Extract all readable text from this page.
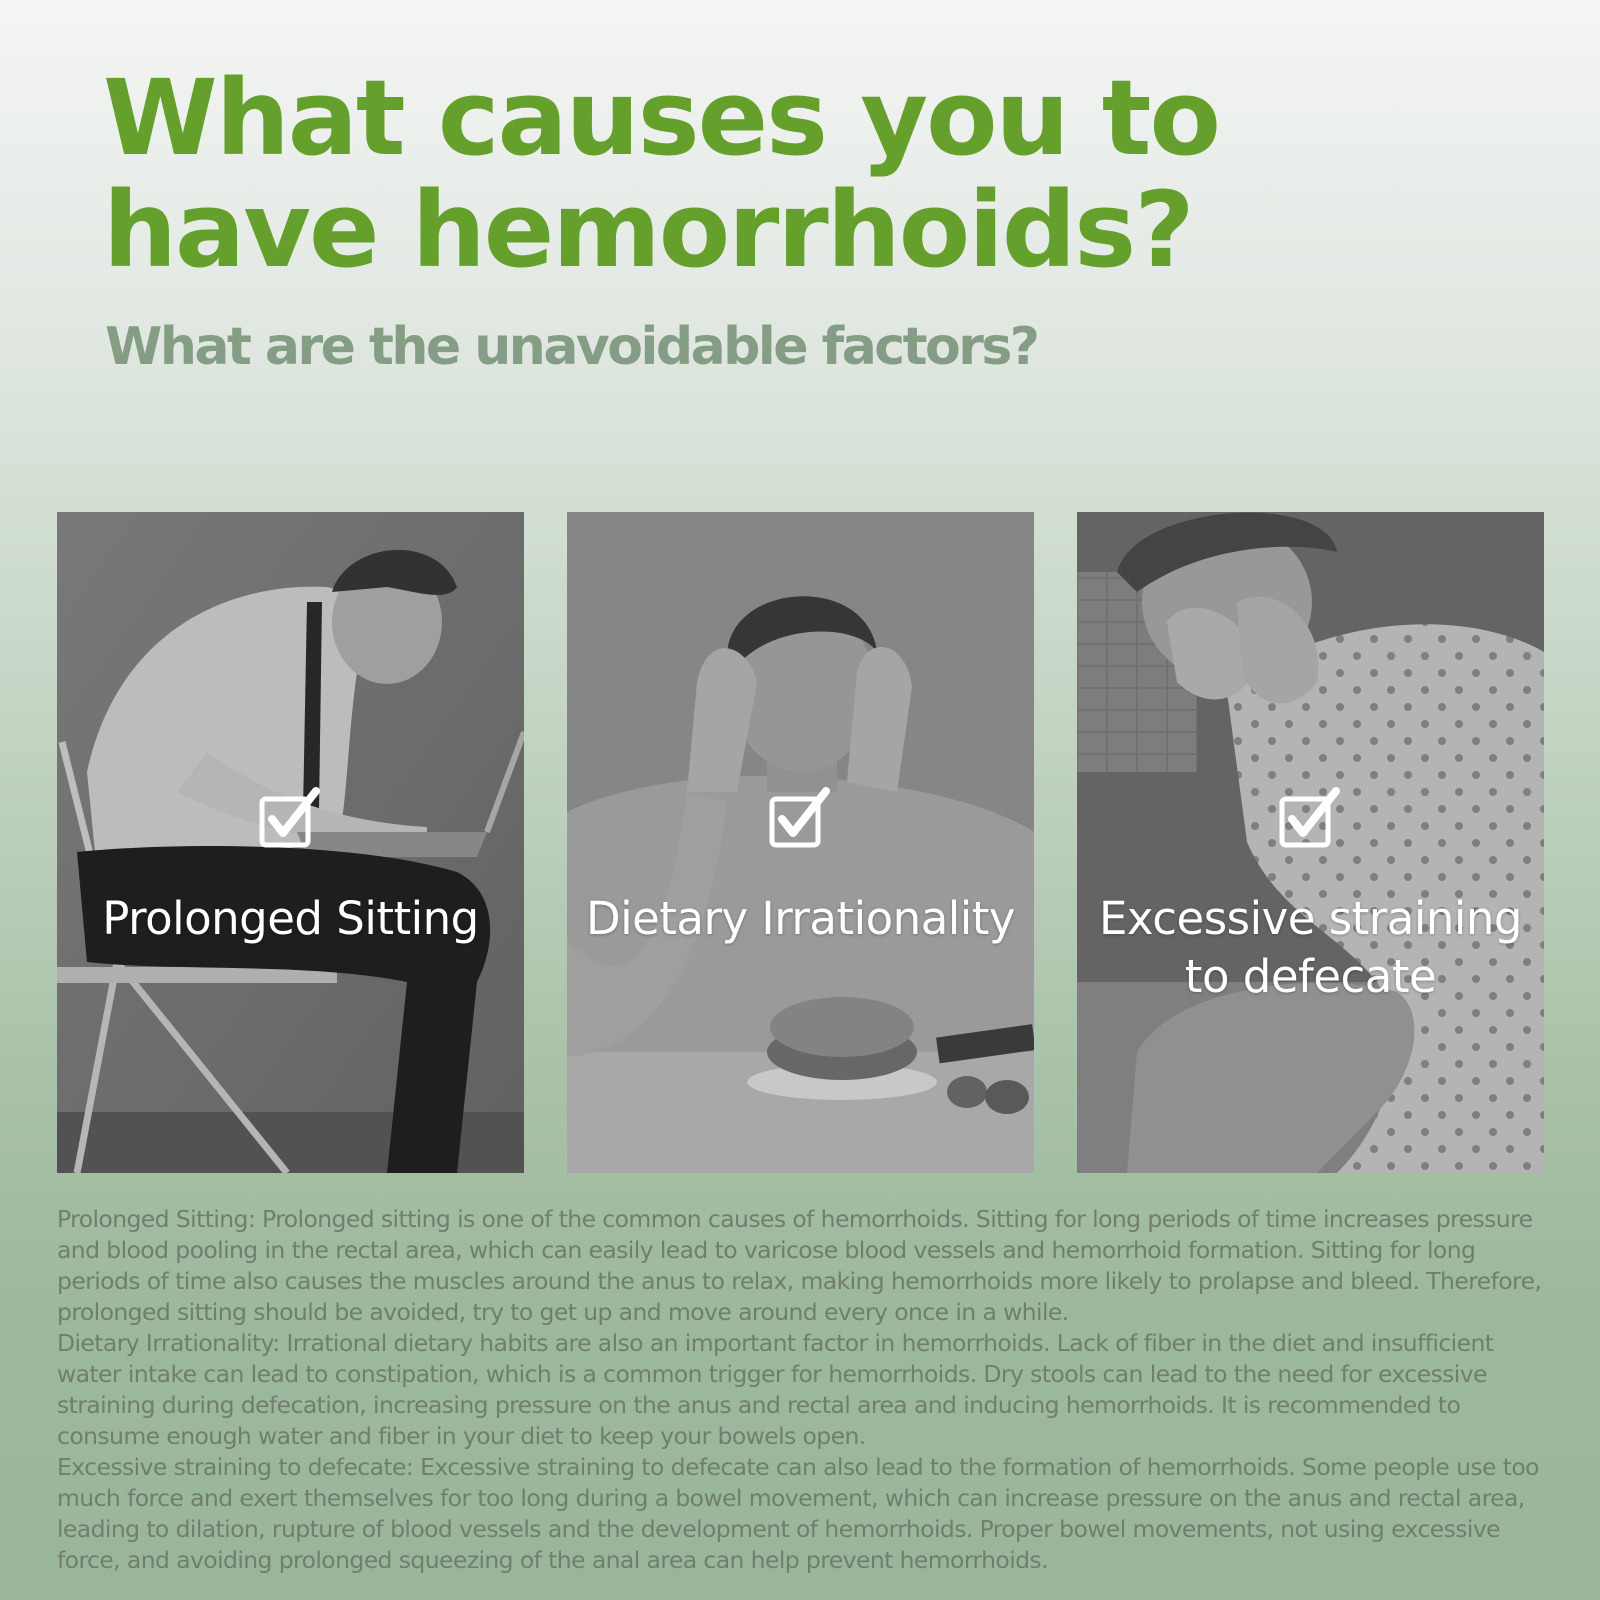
What causes you to
have hemorrhoids?
What are the unavoidable factors?
Prolonged Sitting	Dietary Irrationality	Excessive straining
to defecate

Prolonged Sitting: Prolonged sitting is one of the common causes of hemorrhoids. Sitting for long periods of time increases pressure and blood pooling in the rectal area, which can easily lead to varicose blood vessels and hemorrhoid formation. Sitting for long periods of time also causes the muscles around the anus to relax, making hemorrhoids more likely to prolapse and bleed. Therefore, prolonged sitting should be avoided, try to get up and move around every once in a while.

Dietary Irrationality: Irrational dietary habits are also an important factor in hemorrhoids. Lack of fiber in the diet and insufficient water intake can lead to constipation, which is a common trigger for hemorrhoids. Dry stools can lead to the need for excessive straining during defecation, increasing pressure on the anus and rectal area and inducing hemorrhoids. It is recommended to consume enough water and fiber in your diet to keep your bowels open.

Excessive straining to defecate: Excessive straining to defecate can also lead to the formation of hemorrhoids. Some people use too much force and exert themselves for too long during a bowel movement, which can increase pressure on the anus and rectal area, leading to dilation, rupture of blood vessels and the development of hemorrhoids. Proper bowel movements, not using excessive force, and avoiding prolonged squeezing of the anal area can help prevent hemorrhoids.
